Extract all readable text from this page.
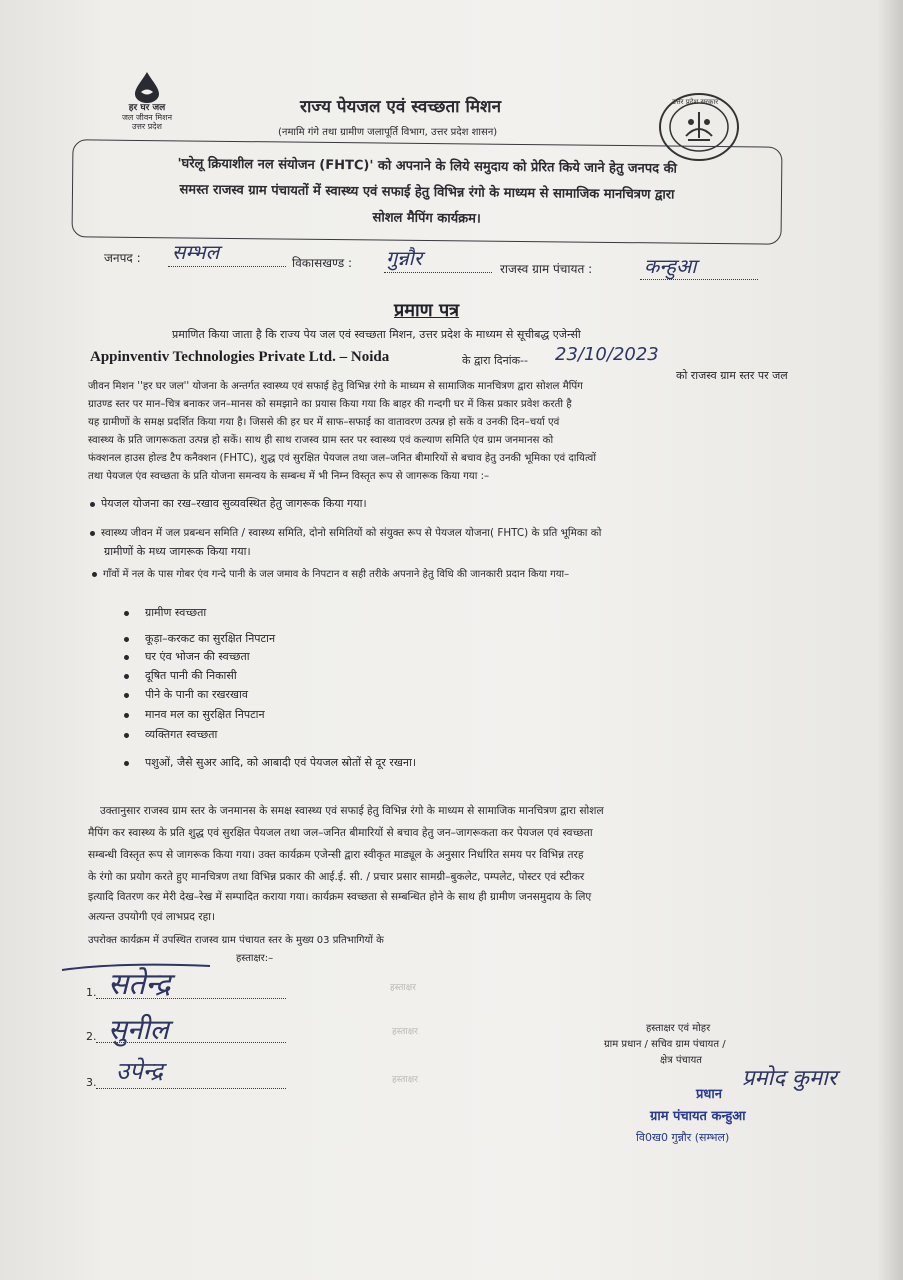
हर घर जल
जल जीवन मिशन
उत्तर प्रदेश
राज्य पेयजल एवं स्वच्छता मिशन
(नमामि गंगे तथा ग्रामीण जलापूर्ति विभाग, उत्तर प्रदेश शासन)
उत्तर प्रदेश सरकार
'घरेलू क्रियाशील नल संयोजन (FHTC)' को अपनाने के लिये समुदाय को प्रेरित किये जाने हेतु जनपद की
समस्त राजस्व ग्राम पंचायतों में स्वास्थ्य एवं सफाई हेतु विभिन्न रंगो के माध्यम से सामाजिक मानचित्रण द्वारा
सोशल मैपिंग कार्यक्रम।
जनपद : सम्भल	विकासखण्ड : गुन्नौर	राजस्व ग्राम पंचायत :	कन्हुआ
प्रमाण पत्र
प्रमाणित किया जाता है कि राज्य पेय जल एवं स्वच्छता मिशन, उत्तर प्रदेश के माध्यम से सूचीबद्ध एजेन्सी
Appinventiv Technologies Private Ltd. – Noida	के द्वारा दिनांक-- 23/10/2023
को राजस्व ग्राम स्तर पर जल
जीवन मिशन ''हर घर जल'' योजना के अन्तर्गत स्वास्थ्य एवं सफाई हेतु विभिन्न रंगो के माध्यम से सामाजिक मानचित्रण द्वारा सोशल मैपिंग
ग्राउण्ड स्तर पर मान–चित्र बनाकर जन–मानस को समझाने का प्रयास किया गया कि बाहर की गन्दगी घर में किस प्रकार प्रवेश करती है
यह ग्रामीणों के समक्ष प्रदर्शित किया गया है। जिससे की हर घर में साफ–सफाई का वातावरण उत्पन्न हो सकें व उनकी दिन–चर्या एवं
स्वास्थ्य के प्रति जागरूकता उत्पन्न हो सकें। साथ ही साथ राजस्व ग्राम स्तर पर स्वास्थ्य एवं कल्याण समिति एंव ग्राम जनमानस को
फंक्शनल हाउस होल्ड टैप कनैक्शन (FHTC), शुद्ध एवं सुरक्षित पेयजल तथा जल–जनित बीमारियों से बचाव हेतु उनकी भूमिका एवं दायित्वों
तथा पेयजल एंव स्वच्छता के प्रति योजना समन्वय के सम्बन्ध में भी निम्न विस्तृत रूप से जागरूक किया गया :–
पेयजल योजना का रख–रखाव सुव्यवस्थित हेतु जागरूक किया गया।
स्वास्थ्य जीवन में जल प्रबन्धन समिति / स्वास्थ्य समिति, दोनो समितियों को संयुक्त रूप से पेयजल योजना( FHTC) के प्रति भूमिका को
ग्रामीणों के मध्य जागरूक किया गया।
गाँवों में नल के पास गोबर एंव गन्दे पानी के जल जमाव के निपटान व सही तरीके अपनाने हेतु विधि की जानकारी प्रदान किया गया–
ग्रामीण स्वच्छता
कूड़ा–करकट का सुरक्षित निपटान
घर एंव भोजन की स्वच्छता
दूषित पानी की निकासी
पीने के पानी का रखरखाव
मानव मल का सुरक्षित निपटान
व्यक्तिगत स्वच्छता
पशुओं, जैसे सुअर आदि, को आबादी एवं पेयजल स्रोतों से दूर रखना।
उक्तानुसार राजस्व ग्राम स्तर के जनमानस के समक्ष स्वास्थ्य एवं सफाई हेतु विभिन्न रंगो के माध्यम से सामाजिक मानचित्रण द्वारा सोशल
मैपिंग कर स्वास्थ्य के प्रति शुद्ध एवं सुरक्षित पेयजल तथा जल–जनित बीमारियों से बचाव हेतु जन–जागरूकता कर पेयजल एवं स्वच्छता
सम्बन्धी विस्तृत रूप से जागरूक किया गया। उक्त कार्यक्रम एजेन्सी द्वारा स्वीकृत माड्यूल के अनुसार निर्धारित समय पर विभिन्न तरह
के रंगो का प्रयोग करते हुए मानचित्रण तथा विभिन्न प्रकार की आई.ई. सी. / प्रचार प्रसार सामग्री–बुकलेट, पम्पलेट, पोस्टर एवं स्टीकर
इत्यादि वितरण कर मेरी देख–रेख में सम्पादित कराया गया। कार्यक्रम स्वच्छता से सम्बन्धित होने के साथ ही ग्रामीण जनसमुदाय के लिए
अत्यन्त उपयोगी एवं लाभप्रद रहा।
उपरोक्त कार्यक्रम में उपस्थित राजस्व ग्राम पंचायत स्तर के मुख्य 03 प्रतिभागियों के
हस्ताक्षर:–
1. सतेन्द्र	हस्ताक्षर
2. सुनील	हस्ताक्षर
3. उपेन्द्र	हस्ताक्षर
हस्ताक्षर एवं मोहर
ग्राम प्रधान / सचिव ग्राम पंचायत /
क्षेत्र पंचायत
प्रमोद कुमार
प्रधान
ग्राम पंचायत कन्हुआ
वि0ख0 गुन्नौर (सम्भल)
